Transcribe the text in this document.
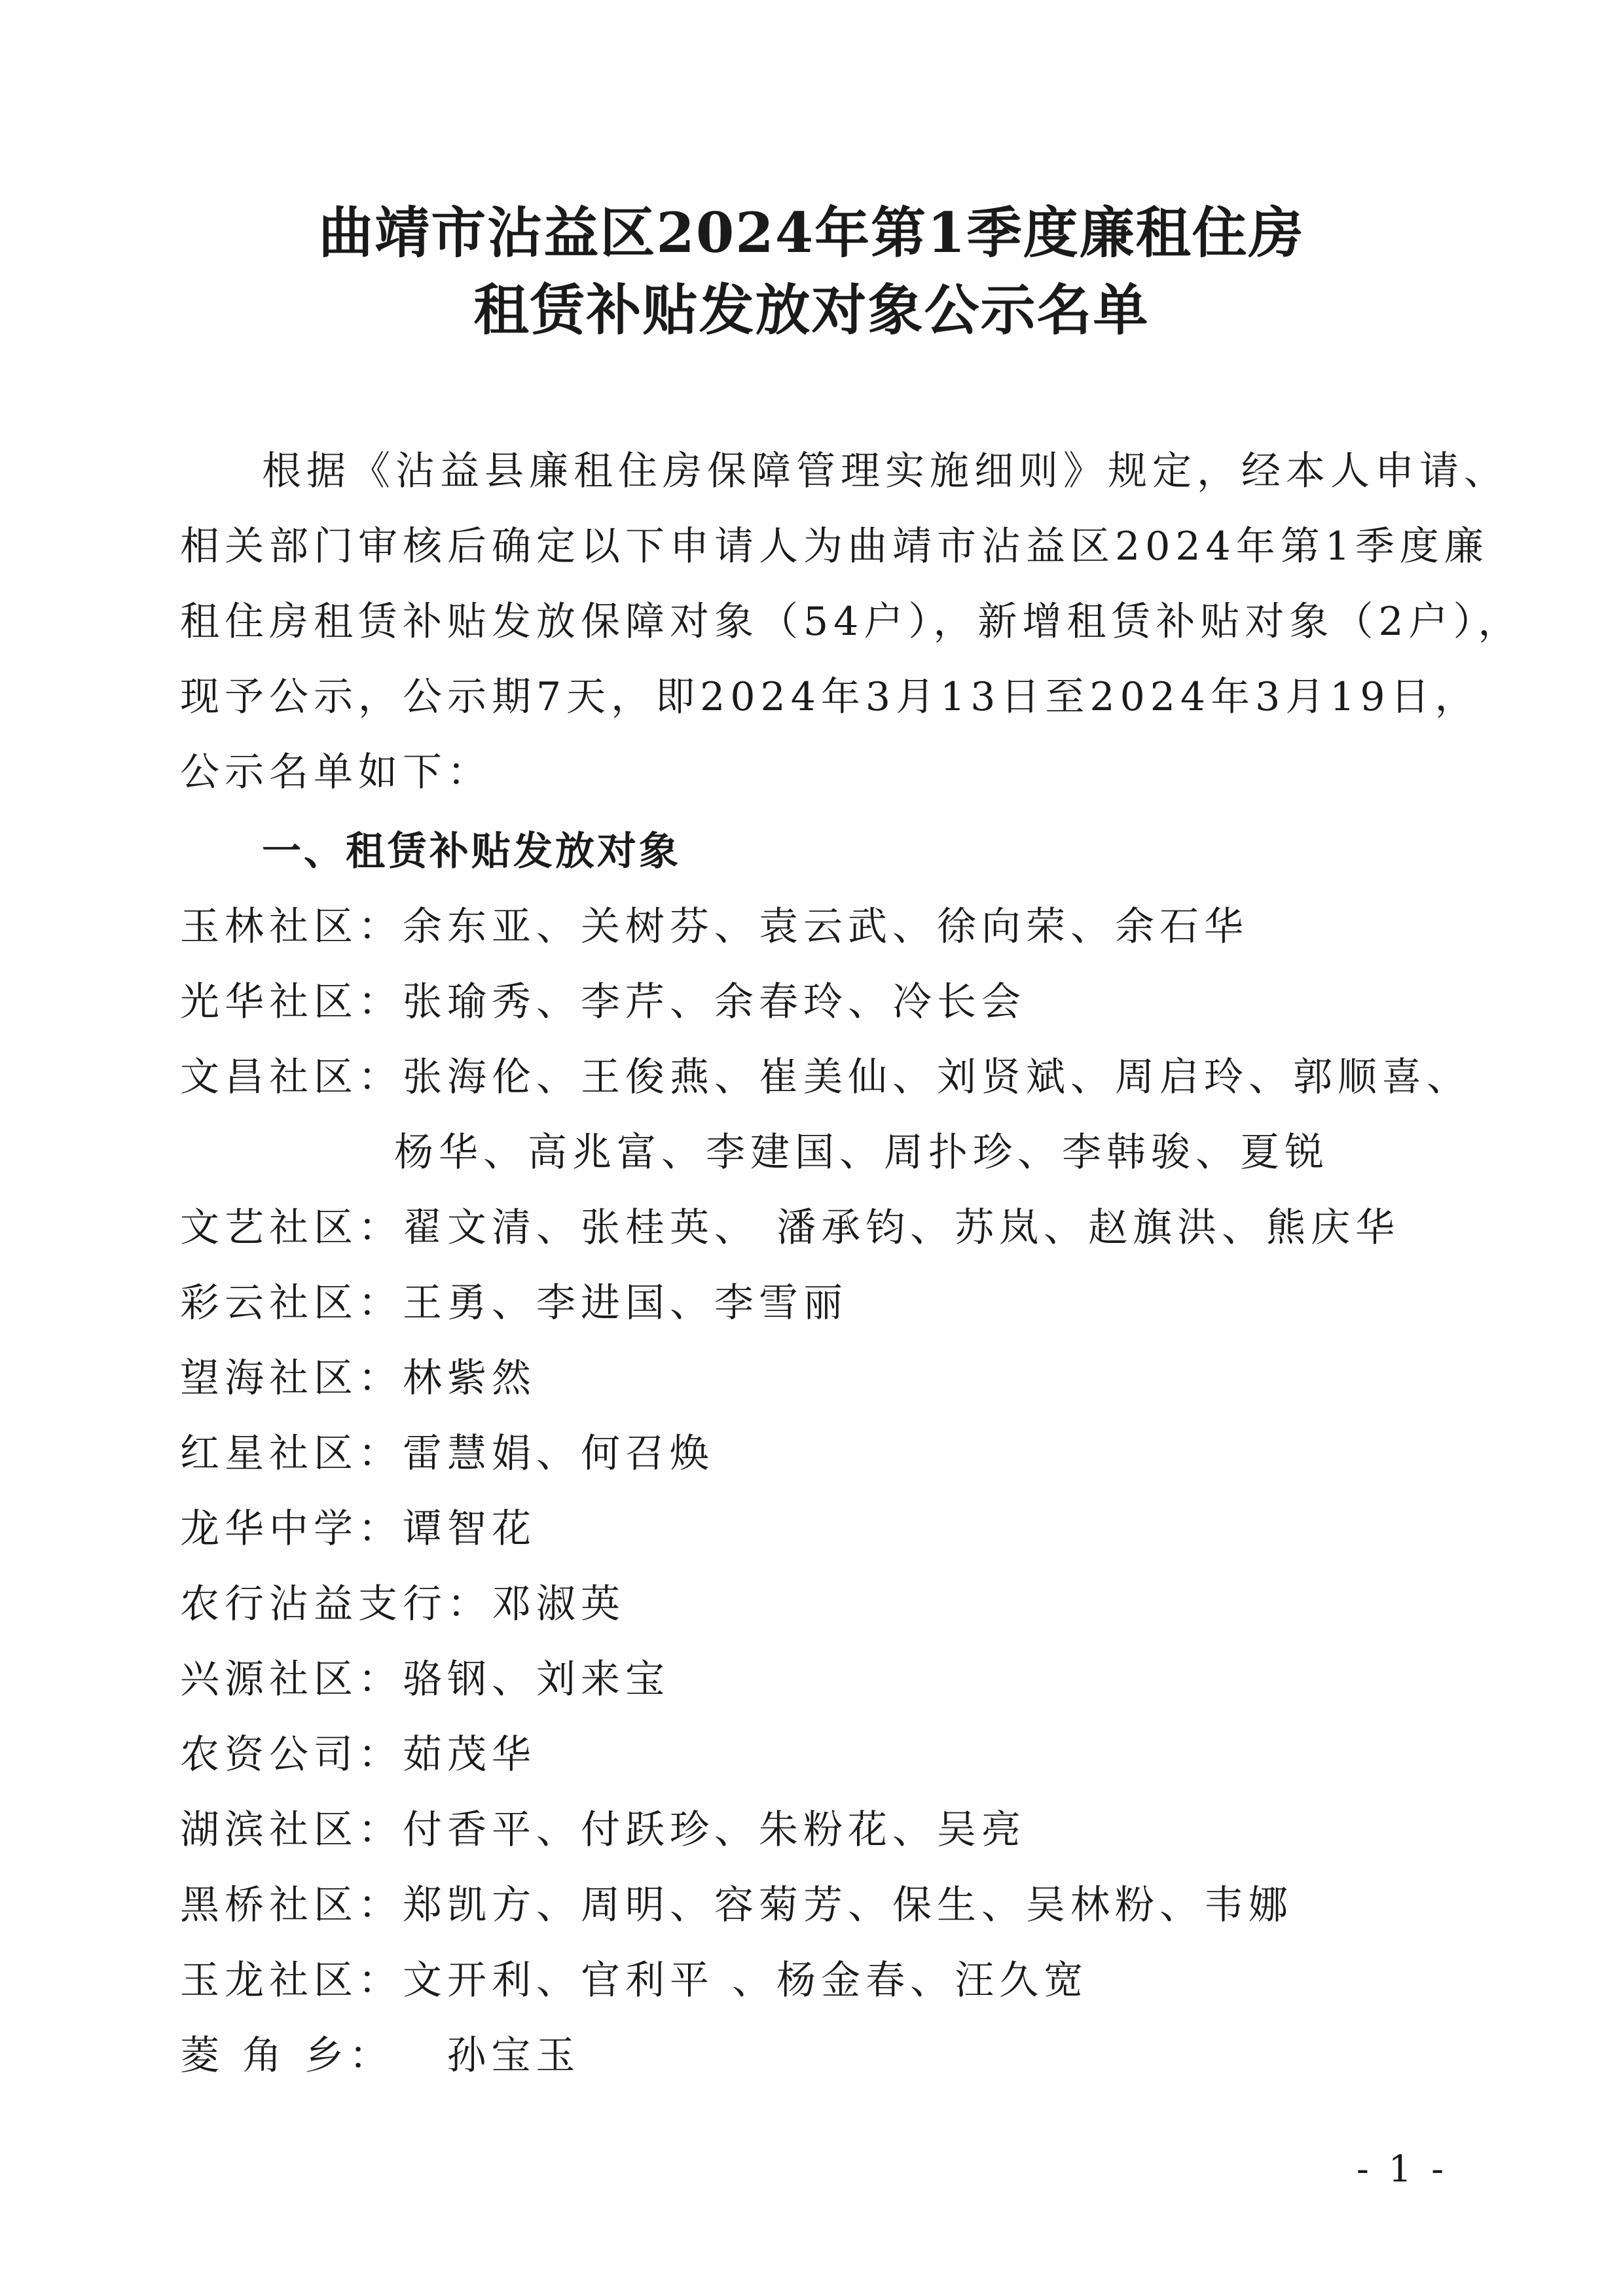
曲靖市沾益区2024年第1季度廉租住房
租赁补贴发放对象公示名单
根据《沾益县廉租住房保障管理实施细则》规定，经本人申请、
相关部门审核后确定以下申请人为曲靖市沾益区2024年第1季度廉
租住房租赁补贴发放保障对象（54户），新增租赁补贴对象（2户），
现予公示，公示期7天，即2024年3月13日至2024年3月19日，
公示名单如下：
一、租赁补贴发放对象
玉林社区：余东亚、关树芬、袁云武、徐向荣、余石华
光华社区：张瑜秀、李芹、余春玲、冷长会
文昌社区：张海伦、王俊燕、崔美仙、刘贤斌、周启玲、郭顺喜、
杨华、高兆富、李建国、周扑珍、李韩骏、夏锐
文艺社区：翟文清、张桂英、 潘承钧、苏岚、赵旗洪、熊庆华
彩云社区：王勇、李进国、李雪丽
望海社区：林紫然
红星社区：雷慧娟、何召焕
龙华中学：谭智花
农行沾益支行：邓淑英
兴源社区：骆钢、刘来宝
农资公司：茹茂华
湖滨社区：付香平、付跃珍、朱粉花、吴亮
黑桥社区：郑凯方、周明、容菊芳、保生、吴林粉、韦娜
玉龙社区：文开利、官利平 、杨金春、汪久宽
菱 角 乡：   孙宝玉
- 1 -
